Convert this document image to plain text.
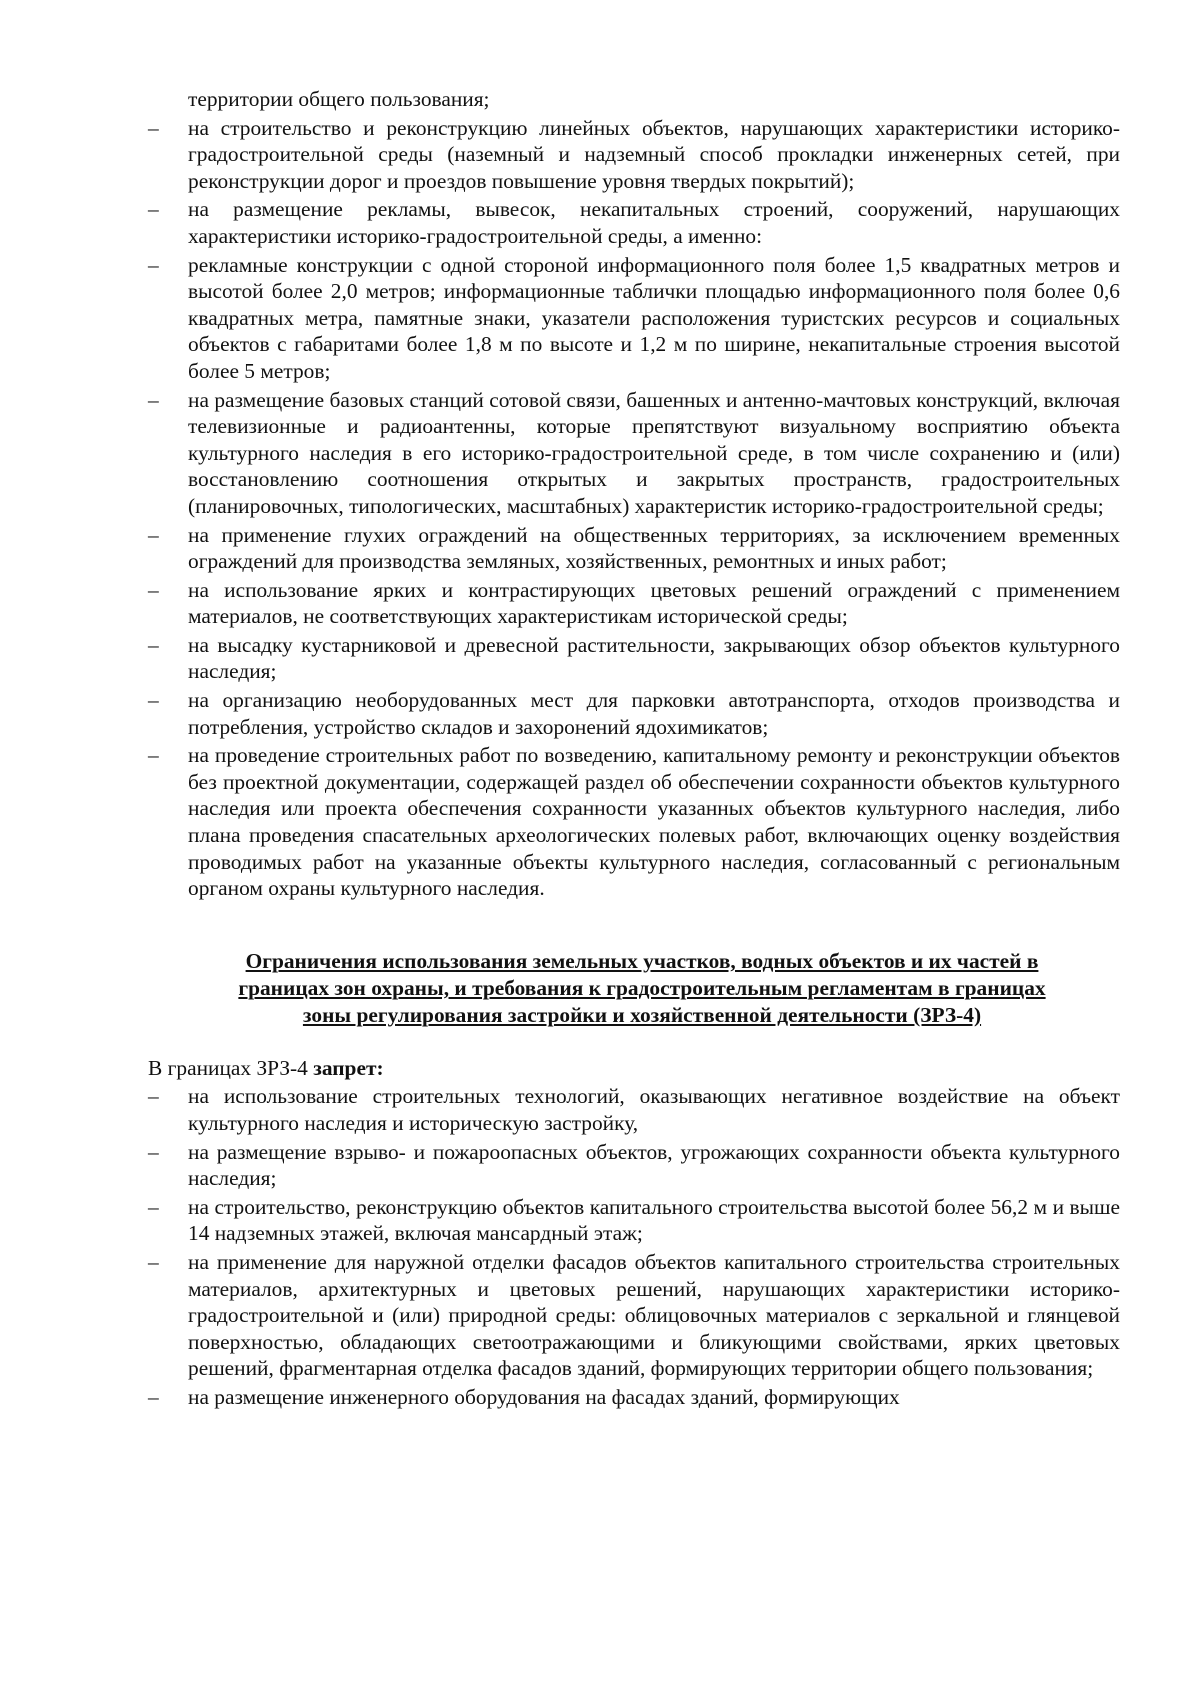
территории общего пользования;
–	на строительство и реконструкцию линейных объектов, нарушающих характеристики историко-градостроительной среды (наземный и надземный способ прокладки инженерных сетей, при реконструкции дорог и проездов повышение уровня твердых покрытий);
–	на размещение рекламы, вывесок, некапитальных строений, сооружений, нарушающих характеристики историко-градостроительной среды, а именно:
–	рекламные конструкции с одной стороной информационного поля более 1,5 квадратных метров и высотой более 2,0 метров; информационные таблички площадью информационного поля более 0,6 квадратных метра, памятные знаки, указатели расположения туристских ресурсов и социальных объектов с габаритами более 1,8 м по высоте и 1,2 м по ширине, некапитальные строения высотой более 5 метров;
–	на размещение базовых станций сотовой связи, башенных и антенно-мачтовых конструкций, включая телевизионные и радиоантенны, которые препятствуют визуальному восприятию объекта культурного наследия в его историко-градостроительной среде, в том числе сохранению и (или) восстановлению соотношения открытых и закрытых пространств, градостроительных (планировочных, типологических, масштабных) характеристик историко-градостроительной среды;
–	на применение глухих ограждений на общественных территориях, за исключением временных ограждений для производства земляных, хозяйственных, ремонтных и иных работ;
–	на использование ярких и контрастирующих цветовых решений ограждений с применением материалов, не соответствующих характеристикам исторической среды;
–	на высадку кустарниковой и древесной растительности, закрывающих обзор объектов культурного наследия;
–	на организацию необорудованных мест для парковки автотранспорта, отходов производства и потребления, устройство складов и захоронений ядохимикатов;
–	на проведение строительных работ по возведению, капитальному ремонту и реконструкции объектов без проектной документации, содержащей раздел об обеспечении сохранности объектов культурного наследия или проекта обеспечения сохранности указанных объектов культурного наследия, либо плана проведения спасательных археологических полевых работ, включающих оценку воздействия проводимых работ на указанные объекты культурного наследия, согласованный с региональным органом охраны культурного наследия.
Ограничения использования земельных участков, водных объектов и их частей в
границах зон охраны, и требования к градостроительным регламентам в границах
зоны регулирования застройки и хозяйственной деятельности (ЗРЗ-4)
В границах ЗРЗ-4 запрет:
–	на использование строительных технологий, оказывающих негативное воздействие на объект культурного наследия и историческую застройку,
–	на размещение взрыво- и пожароопасных объектов, угрожающих сохранности объекта культурного наследия;
–	на строительство, реконструкцию объектов капитального строительства высотой более 56,2 м и выше 14 надземных этажей, включая мансардный этаж;
–	на применение для наружной отделки фасадов объектов капитального строительства строительных материалов, архитектурных и цветовых решений, нарушающих характеристики историко-градостроительной и (или) природной среды: облицовочных материалов с зеркальной и глянцевой поверхностью, обладающих светоотражающими и бликующими свойствами, ярких цветовых решений, фрагментарная отделка фасадов зданий, формирующих территории общего пользования;
–	на размещение инженерного оборудования на фасадах зданий, формирующих
